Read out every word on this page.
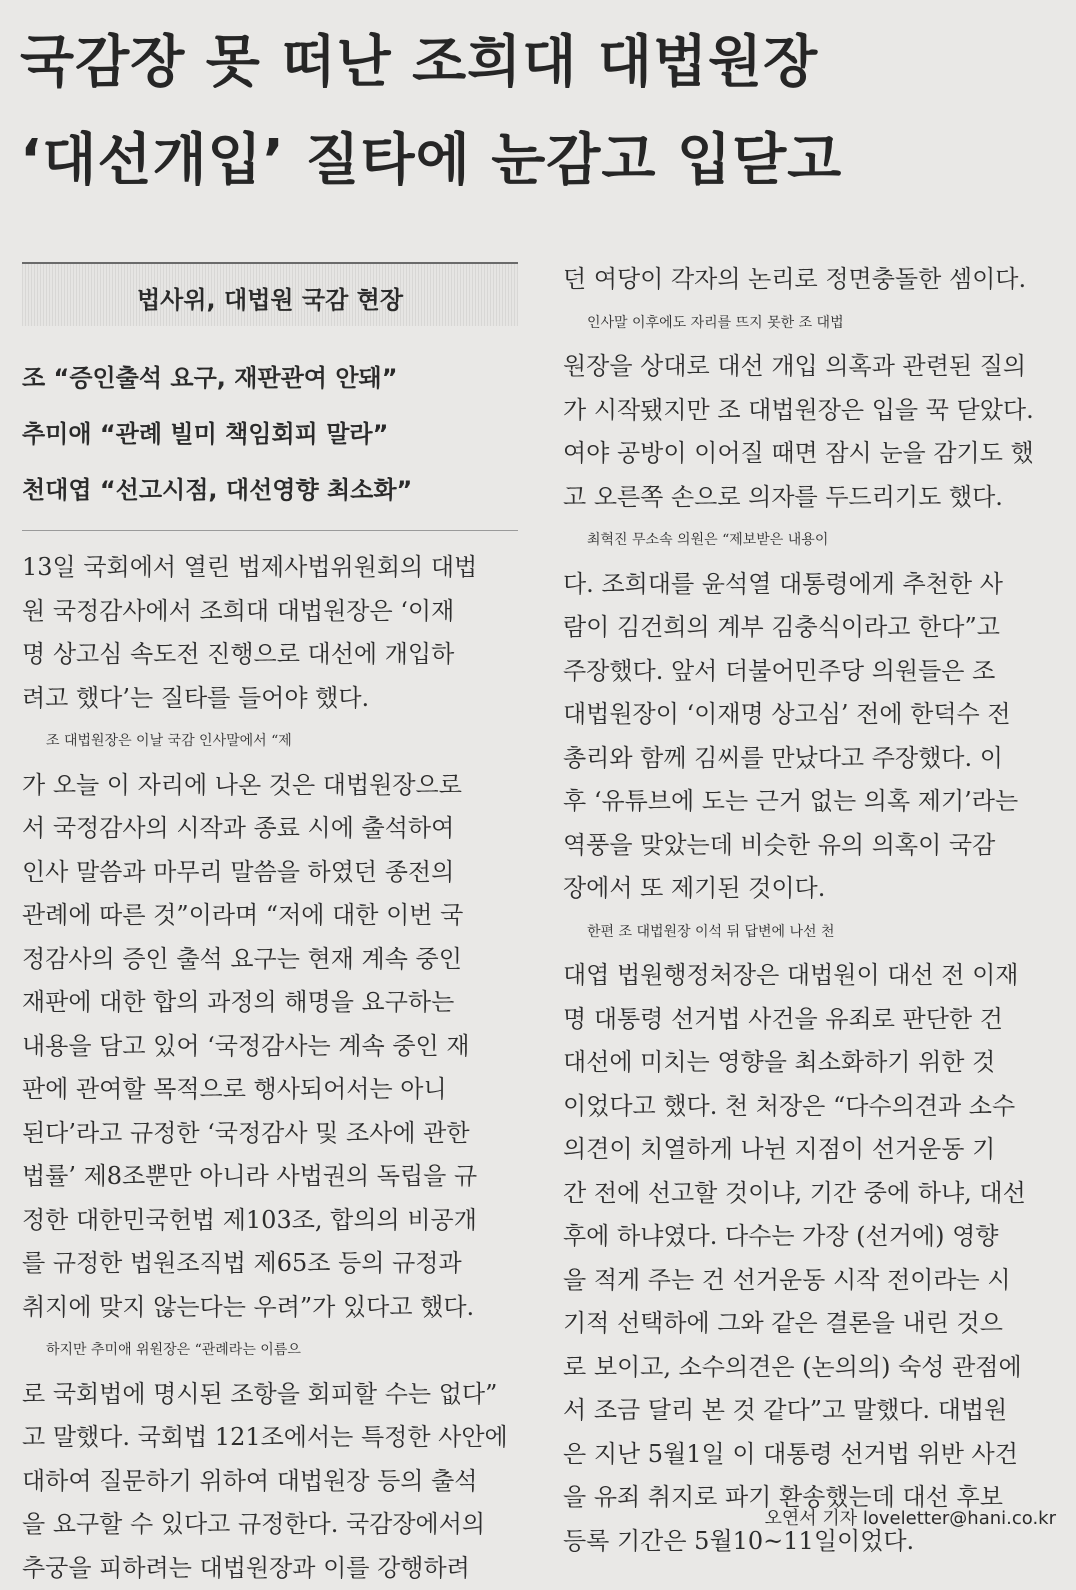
국감장 못 떠난 조희대 대법원장
‘대선개입’ 질타에 눈감고 입닫고
법사위, 대법원 국감 현장
조 “증인출석 요구, 재판관여 안돼”
추미애 “관례 빌미 책임회피 말라”
천대엽 “선고시점, 대선영향 최소화”
13일 국회에서 열린 법제사법위원회의 대법
원 국정감사에서 조희대 대법원장은 ‘이재
명 상고심 속도전 진행으로 대선에 개입하
려고 했다’는 질타를 들어야 했다.
조 대법원장은 이날 국감 인사말에서 “제
가 오늘 이 자리에 나온 것은 대법원장으로
서 국정감사의 시작과 종료 시에 출석하여
인사 말씀과 마무리 말씀을 하였던 종전의
관례에 따른 것”이라며 “저에 대한 이번 국
정감사의 증인 출석 요구는 현재 계속 중인
재판에 대한 합의 과정의 해명을 요구하는
내용을 담고 있어 ‘국정감사는 계속 중인 재
판에 관여할 목적으로 행사되어서는 아니
된다’라고 규정한 ‘국정감사 및 조사에 관한
법률’ 제8조뿐만 아니라 사법권의 독립을 규
정한 대한민국헌법 제103조, 합의의 비공개
를 규정한 법원조직법 제65조 등의 규정과
취지에 맞지 않는다는 우려”가 있다고 했다.
하지만 추미애 위원장은 “관례라는 이름으
로 국회법에 명시된 조항을 회피할 수는 없다”
고 말했다. 국회법 121조에서는 특정한 사안에
대하여 질문하기 위하여 대법원장 등의 출석
을 요구할 수 있다고 규정한다. 국감장에서의
추궁을 피하려는 대법원장과 이를 강행하려
던 여당이 각자의 논리로 정면충돌한 셈이다.
인사말 이후에도 자리를 뜨지 못한 조 대법
원장을 상대로 대선 개입 의혹과 관련된 질의
가 시작됐지만 조 대법원장은 입을 꾹 닫았다.
여야 공방이 이어질 때면 잠시 눈을 감기도 했
고 오른쪽 손으로 의자를 두드리기도 했다.
최혁진 무소속 의원은 “제보받은 내용이
다. 조희대를 윤석열 대통령에게 추천한 사
람이 김건희의 계부 김충식이라고 한다”고
주장했다. 앞서 더불어민주당 의원들은 조
대법원장이 ‘이재명 상고심’ 전에 한덕수 전
총리와 함께 김씨를 만났다고 주장했다. 이
후 ‘유튜브에 도는 근거 없는 의혹 제기’라는
역풍을 맞았는데 비슷한 유의 의혹이 국감
장에서 또 제기된 것이다.
한편 조 대법원장 이석 뒤 답변에 나선 천
대엽 법원행정처장은 대법원이 대선 전 이재
명 대통령 선거법 사건을 유죄로 판단한 건
대선에 미치는 영향을 최소화하기 위한 것
이었다고 했다. 천 처장은 “다수의견과 소수
의견이 치열하게 나뉜 지점이 선거운동 기
간 전에 선고할 것이냐, 기간 중에 하냐, 대선
후에 하냐였다. 다수는 가장 (선거에) 영향
을 적게 주는 건 선거운동 시작 전이라는 시
기적 선택하에 그와 같은 결론을 내린 것으
로 보이고, 소수의견은 (논의의) 숙성 관점에
서 조금 달리 본 것 같다”고 말했다. 대법원
은 지난 5월1일 이 대통령 선거법 위반 사건
을 유죄 취지로 파기 환송했는데 대선 후보
등록 기간은 5월10~11일이었다.
오연서 기자 loveletter@hani.co.kr
